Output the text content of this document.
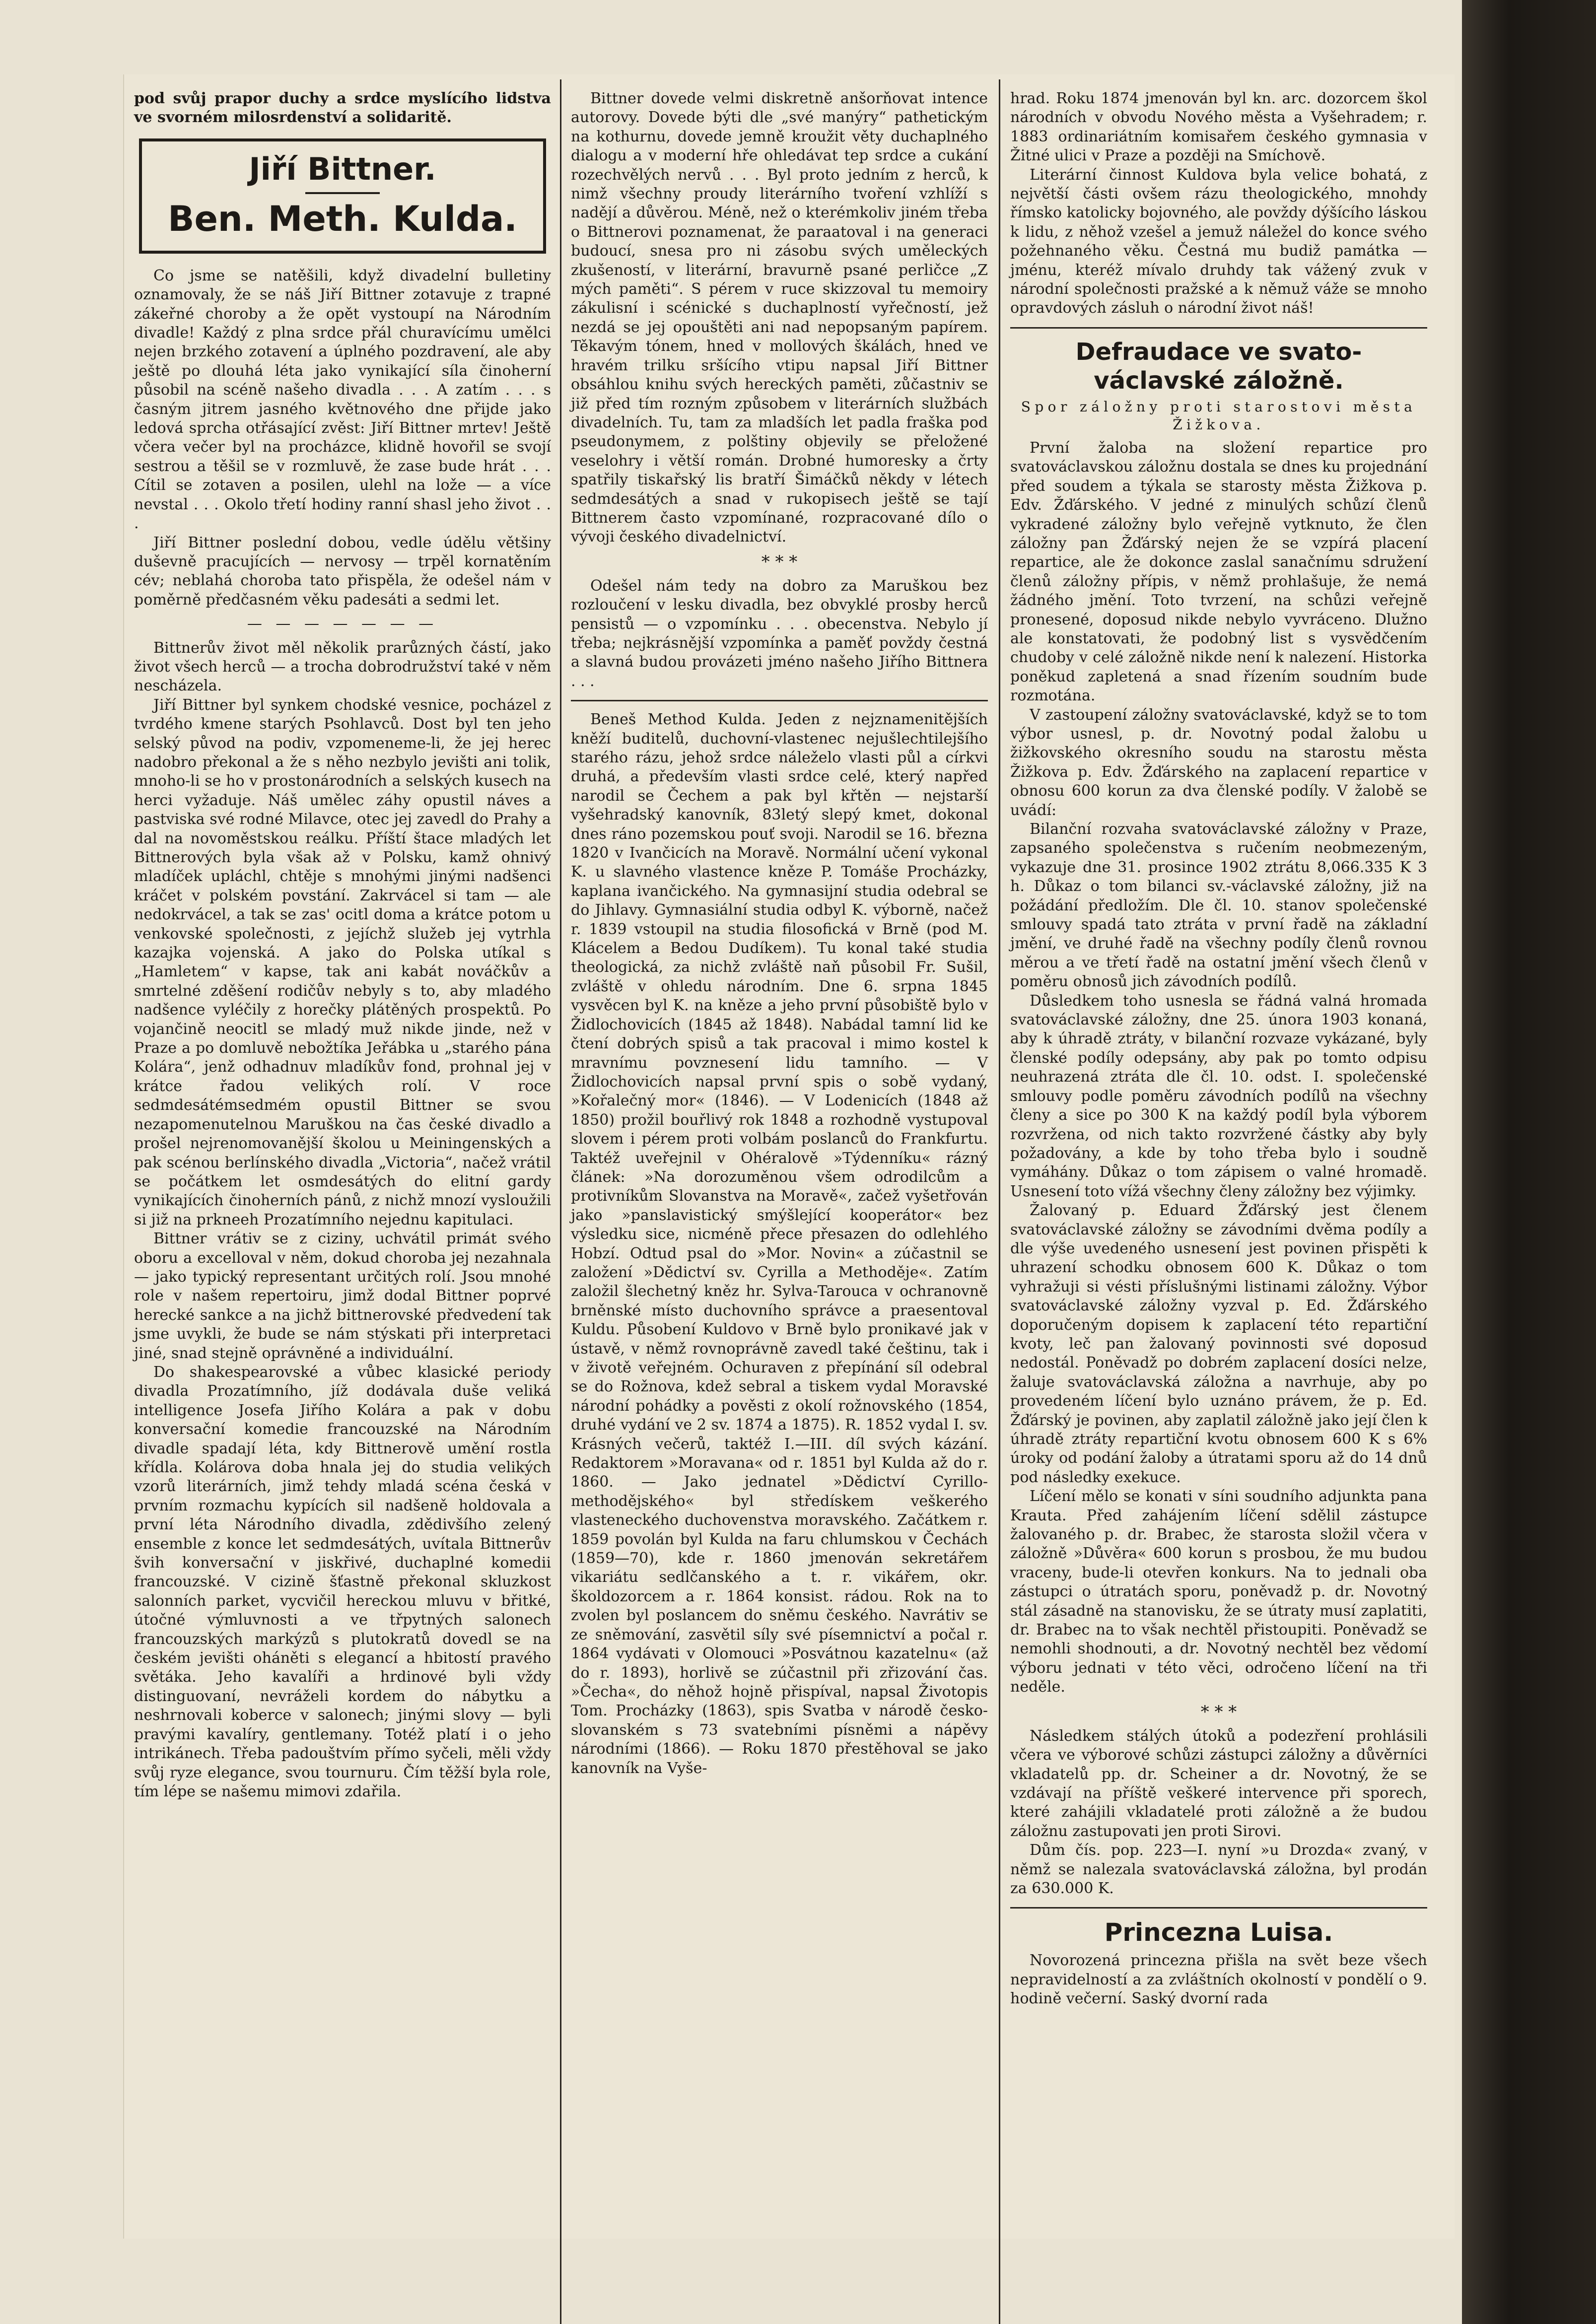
pod svůj prapor duchy a srdce myslícího lidstva ve svorném milosrdenství a solidaritě.

Jiří Bittner.
Ben. Meth. Kulda.

Co jsme se natěšili, když divadelní bulletiny oznamovaly, že se náš Jiří Bittner zotavuje z trapné zákeřné choroby a že opět vystoupí na Národním divadle! Každý z plna srdce přál churavícímu umělci nejen brzkého zotavení a úplného pozdravení, ale aby ještě po dlouhá léta jako vynikající síla činoherní působil na scéně našeho divadla . . . A zatím . . . s časným jitrem jasného květnového dne přijde jako ledová sprcha otřásající zvěst: Jiří Bittner mrtev! Ještě včera večer byl na procházce, klidně hovořil se svojí sestrou a těšil se v rozmluvě, že zase bude hrát . . . Cítil se zotaven a posilen, ulehl na lože — a více nevstal . . . Okolo třetí hodiny ranní shasl jeho život . . .

Jiří Bittner poslední dobou, vedle údělu většiny duševně pracujících — nervosy — trpěl kornatěním cév; neblahá choroba tato přispěla, že odešel nám v poměrně předčasném věku padesáti a sedmi let.

— — — — — — —

Bittnerův život měl několik prarůzných částí, jako život všech herců — a trocha dobrodružství také v něm nescházela.

Jiří Bittner byl synkem chodské vesnice, pocházel z tvrdého kmene starých Psohlavců. Dost byl ten jeho selský původ na podiv, vzpomeneme-li, že jej herec nadobro překonal a že s něho nezbylo jevišti ani tolik, mnoho-li se ho v prostonárodních a selských kusech na herci vyžaduje. Náš umělec záhy opustil náves a pastviska své rodné Milavce, otec jej zavedl do Prahy a dal na novoměstskou reálku. Příští štace mladých let Bittnerových byla však až v Polsku, kamž ohnivý mladíček upláchl, chtěje s mnohými jinými nadšenci kráčet v polském povstání. Zakrvácel si tam — ale nedokrvácel, a tak se zas' ocitl doma a krátce potom u venkovské společnosti, z jejíchž služeb jej vytrhla kazajka vojenská. A jako do Polska utíkal s „Hamletem“ v kapse, tak ani kabát nováčkův a smrtelné zděšení rodičův nebyly s to, aby mladého nadšence vyléčily z horečky plátěných prospektů. Po vojančině neocitl se mladý muž nikde jinde, než v Praze a po domluvě nebožtíka Jeřábka u „starého pána Kolára“, jenž odhadnuv mladíkův fond, prohnal jej v krátce řadou velikých rolí. V roce sedmdesátémsedmém opustil Bittner se svou nezapomenutelnou Maruškou na čas české divadlo a prošel nejrenomovanější školou u Meiningenských a pak scénou berlínského divadla „Victoria“, načež vrátil se počátkem let osmdesátých do elitní gardy vynikajících činoherních pánů, z nichž mnozí vysloužili si již na prkneeh Prozatímního nejednu kapitulaci.

Bittner vrátiv se z ciziny, uchvátil primát svého oboru a excelloval v něm, dokud choroba jej nezahnala — jako typický representant určitých rolí. Jsou mnohé role v našem repertoiru, jimž dodal Bittner poprvé herecké sankce a na jichž bittnerovské předvedení tak jsme uvykli, že bude se nám stýskati při interpretaci jiné, snad stejně oprávněné a individuální.

Do shakespearovské a vůbec klasické periody divadla Prozatímního, jíž dodávala duše veliká intelligence Josefa Jiřího Kolára a pak v dobu konversační komedie francouzské na Národním divadle spadají léta, kdy Bittnerově umění rostla křídla. Kolárova doba hnala jej do studia velikých vzorů literárních, jimž tehdy mladá scéna česká v prvním rozmachu kypících sil nadšeně holdovala a první léta Národního divadla, zdědivšího zelený ensemble z konce let sedmdesátých, uvítala Bittnerův švih konversační v jiskřivé, duchaplné komedii francouzské. V cizině šťastně překonal skluzkost salonních parket, vycvičil hereckou mluvu v břitké, útočné výmluvnosti a ve třpytných salonech francouzských markýzů s plutokratů dovedl se na českém jevišti oháněti s elegancí a hbitostí pravého světáka. Jeho kavalíři a hrdinové byli vždy distinguovaní, nevráželi kordem do nábytku a neshrnovali koberce v salonech; jinými slovy — byli pravými kavalíry, gentlemany. Totéž platí i o jeho intrikánech. Třeba padouštvím přímo syčeli, měli vždy svůj ryze elegance, svou tournuru. Čím těžší byla role, tím lépe se našemu mimovi zdařila.

Bittner dovede velmi diskretně anšorňovat intence autorovy. Dovede býti dle „své manýry“ pathetickým na kothurnu, dovede jemně kroužit věty duchaplného dialogu a v moderní hře ohledávat tep srdce a cukání rozechvělých nervů . . . Byl proto jedním z herců, k nimž všechny proudy literárního tvoření vzhlíží s nadějí a důvěrou. Méně, než o kterémkoliv jiném třeba o Bittnerovi poznamenat, že paraatoval i na generaci budoucí, snesa pro ni zásobu svých uměleckých zkušeností, v literární, bravurně psané perličce „Z mých paměti“. S pérem v ruce skizzoval tu memoiry zákulisní i scénické s duchaplností vyřečností, jež nezdá se jej opouštěti ani nad nepopsaným papírem. Těkavým tónem, hned v mollových škálách, hned ve hravém trilku sršícího vtipu napsal Jiří Bittner obsáhlou knihu svých hereckých paměti, zůčastniv se již před tím rozným způsobem v literárních službách divadelních. Tu, tam za mladších let padla fraška pod pseudonymem, z polštiny objevily se přeložené veselohry i větší román. Drobné humoresky a črty spatřily tiskařský lis bratří Šimáčků někdy v létech sedmdesátých a snad v rukopisech ještě se tají Bittnerem často vzpomínané, rozpracované dílo o vývoji českého divadelnictví.

* * *

Odešel nám tedy na dobro za Maruškou bez rozloučení v lesku divadla, bez obvyklé prosby herců pensistů — o vzpomínku . . . obecenstva. Nebylo jí třeba; nejkrásnější vzpomínka a paměť povždy čestná a slavná budou provázeti jméno našeho Jiřího Bittnera . . .

Beneš Method Kulda. Jeden z nejznamenitějších kněží buditelů, duchovní-vlastenec nejušlechtilejšího starého rázu, jehož srdce náleželo vlasti půl a církvi druhá, a především vlasti srdce celé, který napřed narodil se Čechem a pak byl křtěn — nejstarší vyšehradský kanovník, 83letý slepý kmet, dokonal dnes ráno pozemskou pouť svoji. Narodil se 16. března 1820 v Ivančicích na Moravě. Normální učení vykonal K. u slavného vlastence kněze P. Tomáše Procházky, kaplana ivančického. Na gymnasijní studia odebral se do Jihlavy. Gymnasiální studia odbyl K. výborně, načež r. 1839 vstoupil na studia filosofická v Brně (pod M. Klácelem a Bedou Dudíkem). Tu konal také studia theologická, za nichž zvláště naň působil Fr. Sušil, zvláště v ohledu národním. Dne 6. srpna 1845 vysvěcen byl K. na kněze a jeho první působiště bylo v Židlochovicích (1845 až 1848). Nabádal tamní lid ke čtení dobrých spisů a tak pracoval i mimo kostel k mravnímu povznesení lidu tamního. — V Židlochovicích napsal první spis o sobě vydaný, »Kořalečný mor« (1846). — V Lodenicích (1848 až 1850) prožil bouřlivý rok 1848 a rozhodně vystupoval slovem i pérem proti volbám poslanců do Frankfurtu. Taktéž uveřejnil v Ohéralově »Týdenníku« rázný článek: »Na dorozuměnou všem odrodilcům a protivníkům Slovanstva na Moravě«, začež vyšetřován jako »panslavistický smýšlející kooperátor« bez výsledku sice, nicméně přece přesazen do odlehlého Hobzí. Odtud psal do »Mor. Novin« a zúčastnil se založení »Dědictví sv. Cyrilla a Methoděje«. Zatím založil šlechetný kněz hr. Sylva-Tarouca v ochranovně brněnské místo duchovního správce a praesentoval Kuldu. Působení Kuldovo v Brně bylo pronikavé jak v ústavě, v němž rovnoprávně zavedl také češtinu, tak i v životě veřejném. Ochuraven z přepínání síl odebral se do Rožnova, kdež sebral a tiskem vydal Moravské národní pohádky a pověsti z okolí rožnovského (1854, druhé vydání ve 2 sv. 1874 a 1875). R. 1852 vydal I. sv. Krásných večerů, taktéž I.—III. díl svých kázání. Redaktorem »Moravana« od r. 1851 byl Kulda až do r. 1860. — Jako jednatel »Dědictví Cyrillo-methodějského« byl středískem veškerého vlasteneckého duchovenstva moravského. Začátkem r. 1859 povolán byl Kulda na faru chlumskou v Čechách (1859—70), kde r. 1860 jmenován sekretářem vikariátu sedlčanského a t. r. vikářem, okr. školdozorcem a r. 1864 konsist. rádou. Rok na to zvolen byl poslancem do sněmu českého. Navrátiv se ze sněmování, zasvětil síly své písemnictví a počal r. 1864 vydávati v Olomouci »Posvátnou kazatelnu« (až do r. 1893), horlivě se zúčastnil při zřizování čas. »Čecha«, do něhož hojně přispíval, napsal Životopis Tom. Procházky (1863), spis Svatba v národě česko-slovanském s 73 svatebními písněmi a nápěvy národními (1866). — Roku 1870 přestěhoval se jako kanovník na Vyše-

hrad. Roku 1874 jmenován byl kn. arc. dozorcem škol národních v obvodu Nového města a Vyšehradem; r. 1883 ordinariátním komisařem českého gymnasia v Žitné ulici v Praze a později na Smíchově.

Literární činnost Kuldova byla velice bohatá, z největší části ovšem rázu theologického, mnohdy římsko katolicky bojovného, ale povždy dýšícího láskou k lidu, z něhož vzešel a jemuž náležel do konce svého požehnaného věku. Čestná mu budiž památka — jménu, kteréž mívalo druhdy tak vážený zvuk v národní společnosti pražské a k němuž váže se mnoho opravdových zásluh o národní život náš!

Defraudace ve svato-václavské záložně.
Spor záložny proti starostovi města Žižkova.

První žaloba na složení repartice pro svatováclavskou záložnu dostala se dnes ku projednání před soudem a týkala se starosty města Žižkova p. Edv. Žďárského. V jedné z minulých schůzí členů vykradené záložny bylo veřejně vytknuto, že člen záložny pan Žďárský nejen že se vzpírá placení repartice, ale že dokonce zaslal sanačnímu sdružení členů záložny přípis, v němž prohlašuje, že nemá žádného jmění. Toto tvrzení, na schůzi veřejně pronesené, doposud nikde nebylo vyvráceno. Dlužno ale konstatovati, že podobný list s vysvědčením chudoby v celé záložně nikde není k nalezení. Historka poněkud zapletená a snad řízením soudním bude rozmotána.

V zastoupení záložny svatováclavské, když se to tom výbor usnesl, p. dr. Novotný podal žalobu u žižkovského okresního soudu na starostu města Žižkova p. Edv. Žďárského na zaplacení repartice v obnosu 600 korun za dva členské podíly. V žalobě se uvádí:

Bilanční rozvaha svatováclavské záložny v Praze, zapsaného společenstva s ručením neobmezeným, vykazuje dne 31. prosince 1902 ztrátu 8,066.335 K 3 h. Důkaz o tom bilanci sv.-václavské záložny, již na požádání předložím. Dle čl. 10. stanov společenské smlouvy spadá tato ztráta v první řadě na základní jmění, ve druhé řadě na všechny podíly členů rovnou měrou a ve třetí řadě na ostatní jmění všech členů v poměru obnosů jich závodních podílů.

Důsledkem toho usnesla se řádná valná hromada svatováclavské záložny, dne 25. února 1903 konaná, aby k úhradě ztráty, v bilanční rozvaze vykázané, byly členské podíly odepsány, aby pak po tomto odpisu neuhrazená ztráta dle čl. 10. odst. I. společenské smlouvy podle poměru závodních podílů na všechny členy a sice po 300 K na každý podíl byla výborem rozvržena, od nich takto rozvržené částky aby byly požadovány, a kde by toho třeba bylo i soudně vymáhány. Důkaz o tom zápisem o valné hromadě. Usnesení toto vížá všechny členy záložny bez výjimky.

Žalovaný p. Eduard Žďárský jest členem svatováclavské záložny se závodními dvěma podíly a dle výše uvedeného usnesení jest povinen přispěti k uhrazení schodku obnosem 600 K. Důkaz o tom vyhražuji si vésti příslušnými listinami záložny. Výbor svatováclavské záložny vyzval p. Ed. Žďárského doporučeným dopisem k zaplacení této repartiční kvoty, leč pan žalovaný povinnosti své doposud nedostál. Poněvadž po dobrém zaplacení dosíci nelze, žaluje svatováclavská záložna a navrhuje, aby po provedeném líčení bylo uznáno právem, že p. Ed. Žďárský je povinen, aby zaplatil záložně jako její člen k úhradě ztráty repartiční kvotu obnosem 600 K s 6% úroky od podání žaloby a útratami sporu až do 14 dnů pod následky exekuce.

Líčení mělo se konati v síni soudního adjunkta pana Krauta. Před zahájením líčení sdělil zástupce žalovaného p. dr. Brabec, že starosta složil včera v záložně »Důvěra« 600 korun s prosbou, že mu budou vraceny, bude-li otevřen konkurs. Na to jednali oba zástupci o útratách sporu, poněvadž p. dr. Novotný stál zásadně na stanovisku, že se útraty musí zaplatiti, dr. Brabec na to však nechtěl přistoupiti. Poněvadž se nemohli shodnouti, a dr. Novotný nechtěl bez vědomí výboru jednati v této věci, odročeno líčení na tři neděle.

* * *

Následkem stálých útoků a podezření prohlásili včera ve výborové schůzi zástupci záložny a důvěrníci vkladatelů pp. dr. Scheiner a dr. Novotný, že se vzdávají na příště veškeré intervence při sporech, které zahájili vkladatelé proti záložně a že budou záložnu zastupovati jen proti Sirovi.

Dům čís. pop. 223—I. nyní »u Drozda« zvaný, v němž se nalezala svatováclavská záložna, byl prodán za 630.000 K.

Princezna Luisa.

Novorozená princezna přišla na svět beze všech nepravidelností a za zvláštních okolností v pondělí o 9. hodině večerní. Saský dvorní rada
